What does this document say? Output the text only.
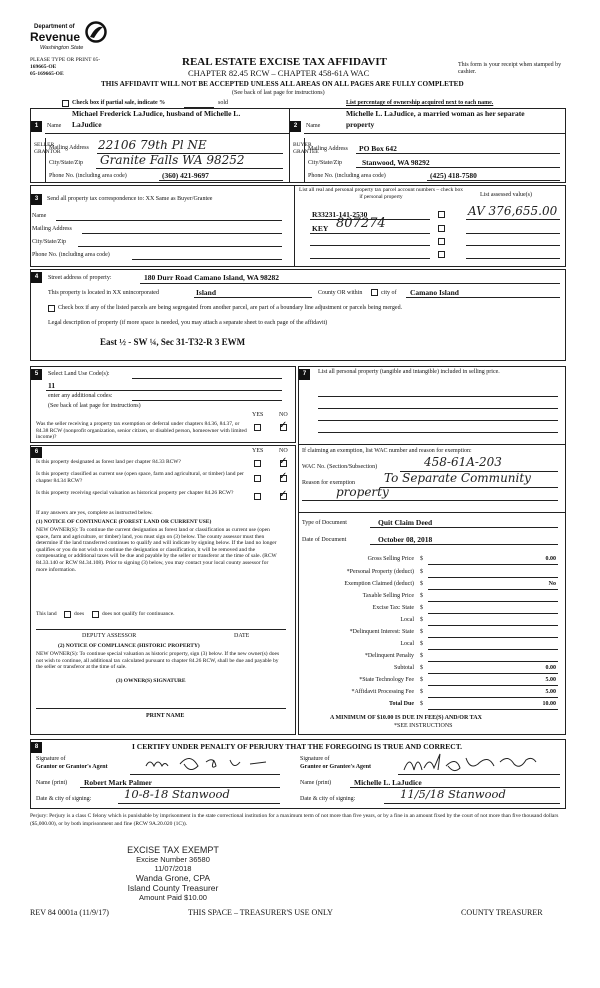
Department of
Revenue
Washington State
PLEASE TYPE OR PRINT 05-
169665-OE
05-169665-OE
REAL ESTATE EXCISE TAX AFFIDAVIT
CHAPTER 82.45 RCW – CHAPTER 458-61A WAC
THIS AFFIDAVIT WILL NOT BE ACCEPTED UNLESS ALL AREAS ON ALL PAGES ARE FULLY COMPLETED
(See back of last page for instructions)
This form is your receipt when stamped by cashier.
Check box if partial sale, indicate %	sold	List percentage of ownership acquired next to each name.
1
SELLER GRANTOR
Michael Frederick LaJudice, husband of Michelle L.
Name LaJudice
Mailing Address 22106 79th Pl NE
City/State/Zip Granite Falls WA 98252
Phone No. (including area code)	(360) 421-9697
2
BUYER GRANTEE
Michelle L. LaJudice, a married woman as her separate
Name	property
Mailing Address PO Box 642
City/State/Zip	Stanwood, WA 98292
Phone No. (including area code)	(425) 418-7580
3	Send all property tax correspondence to: XX Same as Buyer/Grantee
Name
Mailing Address
City/State/Zip
Phone No. (including area code)
List all real and personal property tax parcel account numbers – check box if personal property	List assessed value(s)
R33231-141-2530	AV 376,655.00
KEY 807274
4	Street address of property:	180 Durr Road Camano Island, WA 98282
This property is located in XX unincorporated	Island	County OR within	city of Camano Island
Check box if any of the listed parcels are being segregated from another parcel, are part of a boundary line adjustment or parcels being merged.
Legal description of property (if more space is needed, you may attach a separate sheet to each page of the affidavit)
East ½ - SW ¼, Sec 31-T32-R 3 EWM
5	Select Land Use Code(s):
11
enter any additional codes:
(See back of last page for instructions)
YES	NO
Was the seller receiving a property tax exemption or deferral under chapters 84.36, 84.37, or 84.38 RCW (nonprofit organization, senior citizen, or disabled person, homeowner with limited income)?
✓
6	YES	NO
Is this property designated as forest land per chapter 84.33 RCW?	✓
Is this property classified as current use (open space, farm and agricultural, or timber) land per chapter 84.34 RCW?	✓
Is this property receiving special valuation as historical property per chapter 84.26 RCW?	✓
If any answers are yes, complete as instructed below.
(1) NOTICE OF CONTINUANCE (FOREST LAND OR CURRENT USE)
NEW OWNER(S): To continue the current designation as forest land or classification as current use (open space, farm and agriculture, or timber) land, you must sign on (3) below. The county assessor must then determine if the land transferred continues to qualify and will indicate by signing below. If the land no longer qualifies or you do not wish to continue the designation or classification, it will be removed and the compensating or additional taxes will be due and payable by the seller or transferor at the time of sale. (RCW 84.33.140 or RCW 84.34.108). Prior to signing (3) below, you may contact your local county assessor for more information.
This land	does	does not qualify for continuance.
DEPUTY ASSESSOR	DATE
(2) NOTICE OF COMPLIANCE (HISTORIC PROPERTY)
NEW OWNER(S): To continue special valuation as historic property, sign (3) below. If the new owner(s) does not wish to continue, all additional tax calculated pursuant to chapter 84.26 RCW, shall be due and payable by the seller or transferor at the time of sale.
(3) OWNER(S) SIGNATURE
PRINT NAME
7	List all personal property (tangible and intangible) included in selling price.
If claiming an exemption, list WAC number and reason for exemption:
WAC No. (Section/Subsection)	458-61A-203
Reason for exemption To Separate Community
property
Type of Document	Quit Claim Deed
Date of Document	October 08, 2018
Gross Selling Price $	0.00
*Personal Property (deduct) $
Exemption Claimed (deduct) $	No
Taxable Selling Price $
Excise Tax: State $
Local $
*Delinquent Interest: State $
Local $
*Delinquent Penalty $
Subtotal $	0.00
*State Technology Fee $	5.00
*Affidavit Processing Fee $	5.00
Total Due $	10.00
A MINIMUM OF $10.00 IS DUE IN FEE(S) AND/OR TAX
*SEE INSTRUCTIONS
8	I CERTIFY UNDER PENALTY OF PERJURY THAT THE FOREGOING IS TRUE AND CORRECT.
Signature of
Grantor or Grantor's Agent
Name (print) Robert Mark Palmer
Date & city of signing:	10-8-18 Stanwood
Signature of
Grantee or Grantee's Agent
Name (print)	Michelle L. LaJudice
Date & city of signing:	11/5/18 Stanwood
Perjury: Perjury is a class C felony which is punishable by imprisonment in the state correctional institution for a maximum term of not more than five years, or by a fine in an amount fixed by the court of not more than five thousand dollars ($5,000.00), or by both imprisonment and fine (RCW 9A.20.020 (1C)).
EXCISE TAX EXEMPT
Excise Number 36580
11/07/2018
Wanda Grone, CPA
Island County Treasurer
Amount Paid $10.00
REV 84 0001a (11/9/17)	THIS SPACE – TREASURER'S USE ONLY	COUNTY TREASURER
